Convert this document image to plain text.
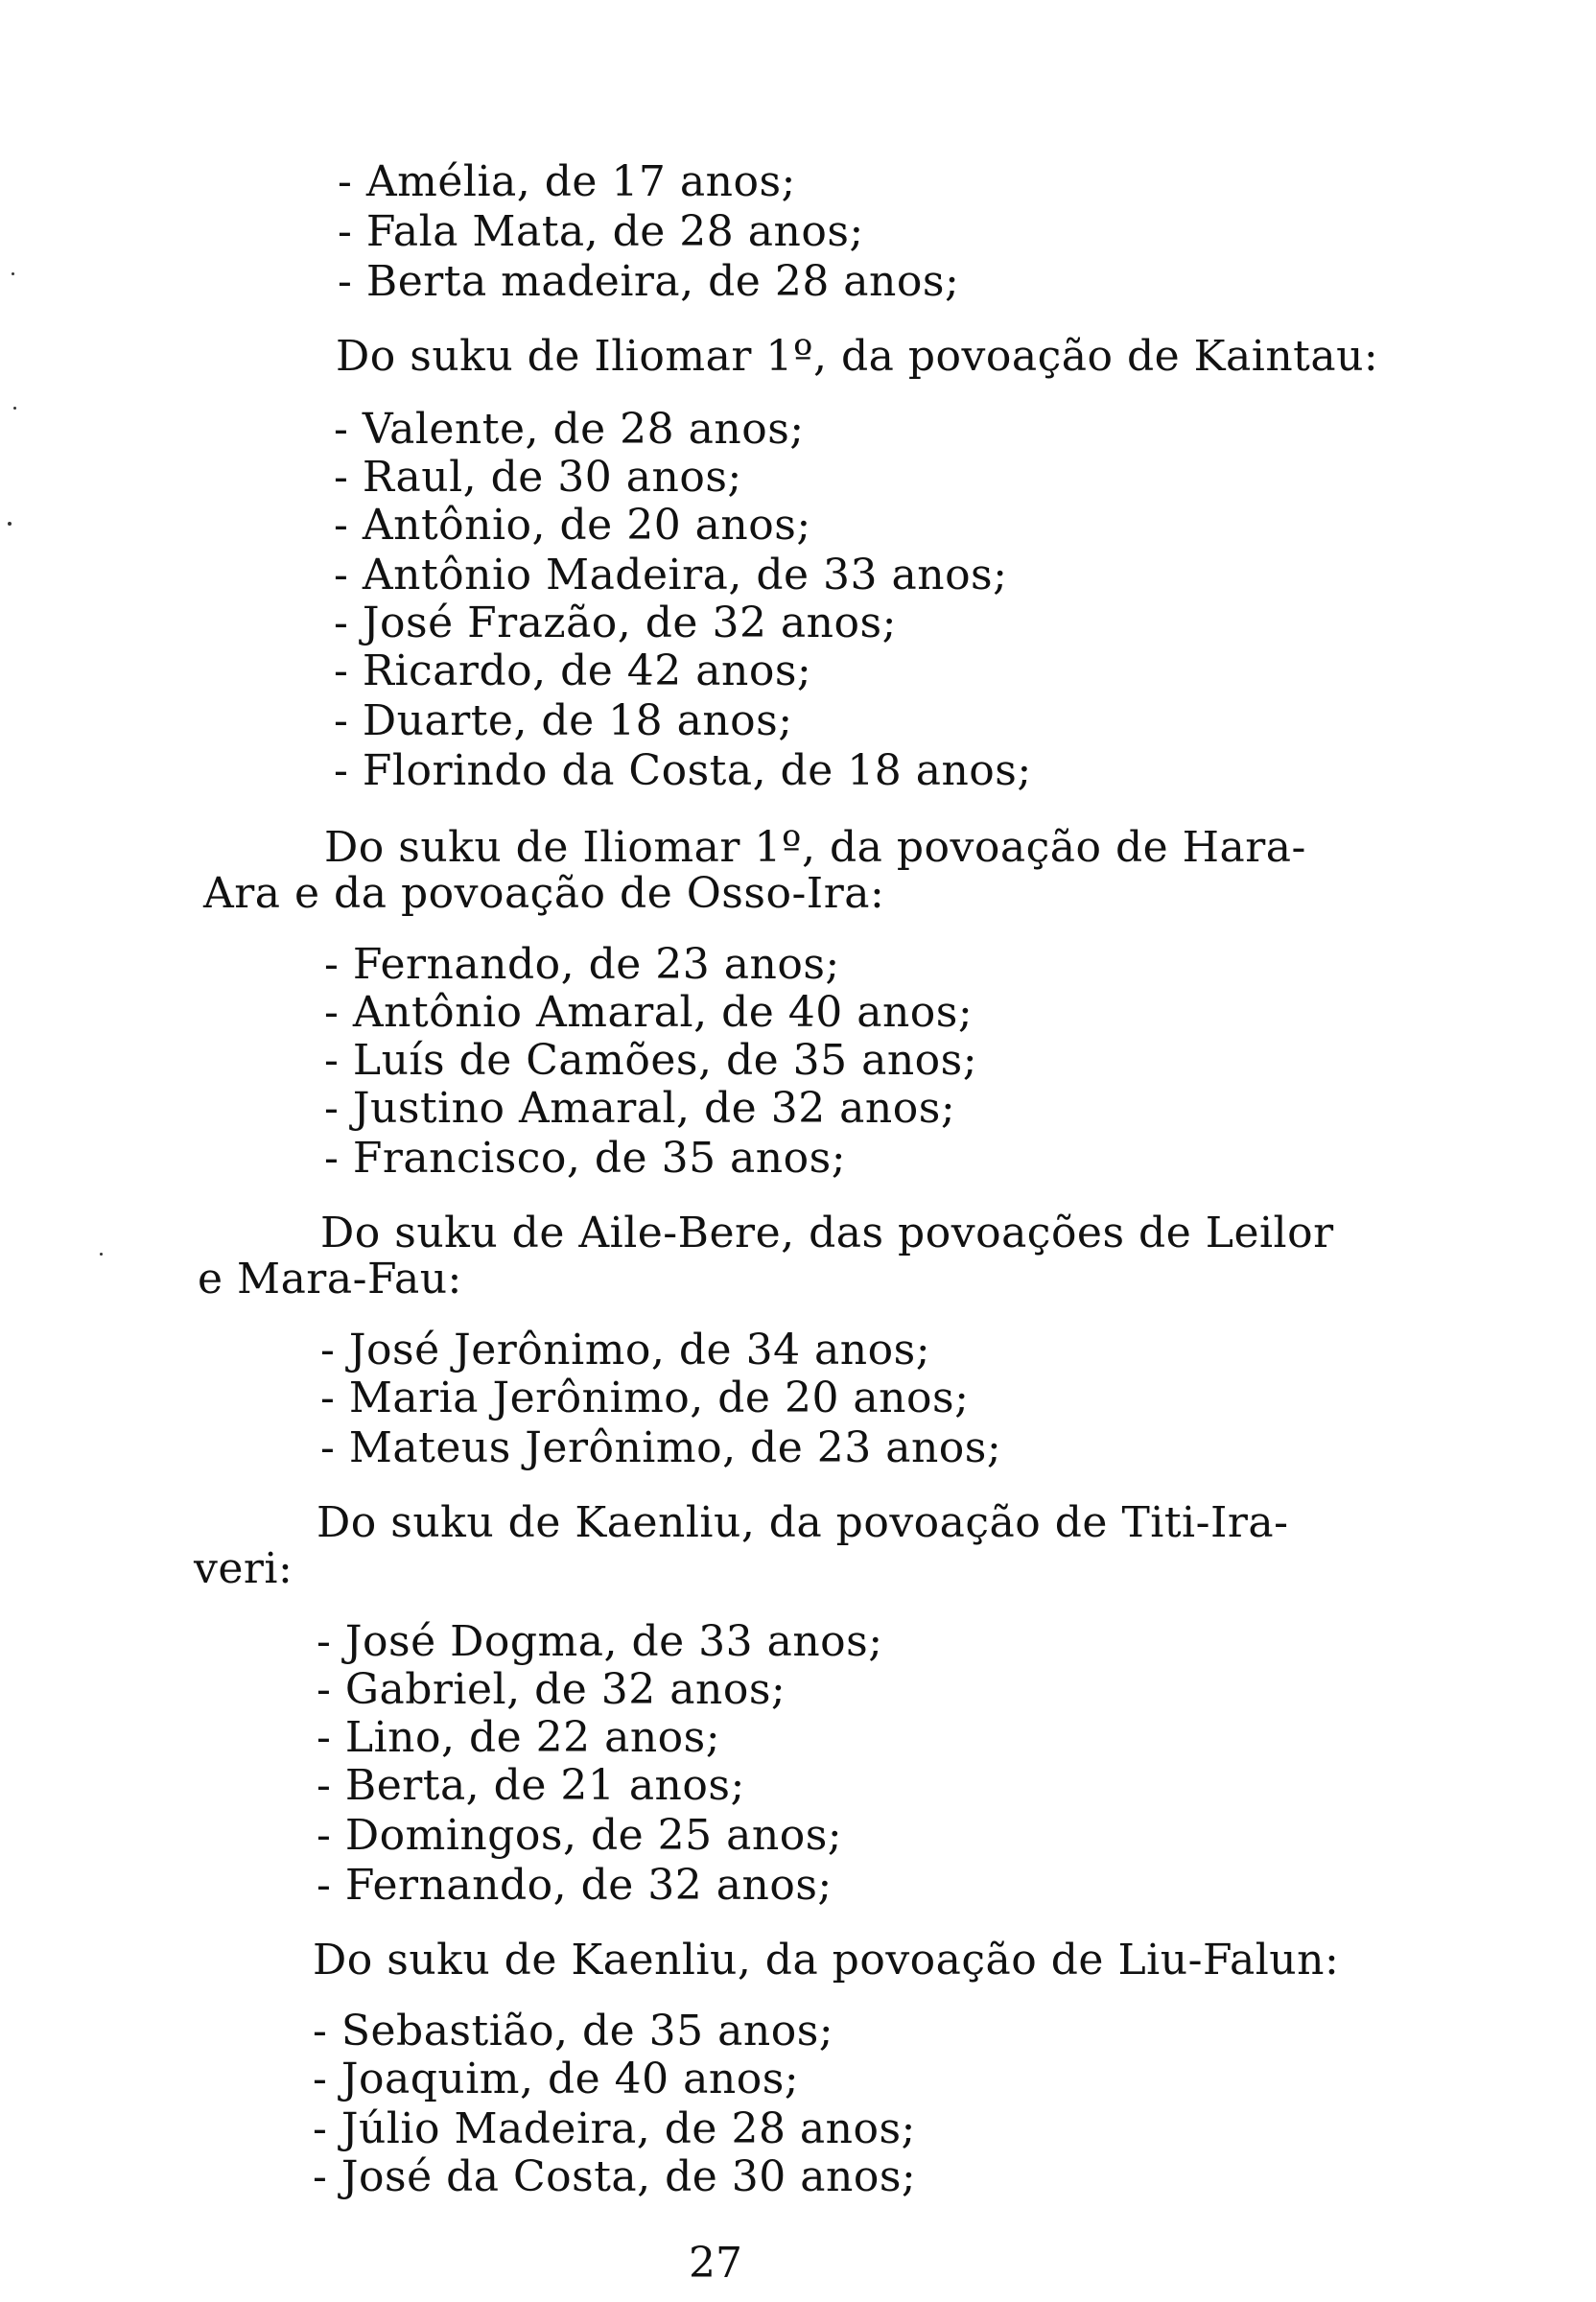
- Amélia, de 17 anos;
- Fala Mata, de 28 anos;
- Berta madeira, de 28 anos;
Do suku de Iliomar 1º, da povoação de Kaintau:
- Valente, de 28 anos;
- Raul, de 30 anos;
- Antônio, de 20 anos;
- Antônio Madeira, de 33 anos;
- José Frazão, de 32 anos;
- Ricardo, de 42 anos;
- Duarte, de 18 anos;
- Florindo da Costa, de 18 anos;
Do suku de Iliomar 1º, da povoação de Hara-
Ara e da povoação de Osso-Ira:
- Fernando, de 23 anos;
- Antônio Amaral, de 40 anos;
- Luís de Camões, de 35 anos;
- Justino Amaral, de 32 anos;
- Francisco, de 35 anos;
Do suku de Aile-Bere, das povoações de Leilor
e Mara-Fau:
- José Jerônimo, de 34 anos;
- Maria Jerônimo, de 20 anos;
- Mateus Jerônimo, de 23 anos;
Do suku de Kaenliu, da povoação de Titi-Ira-
veri:
- José Dogma, de 33 anos;
- Gabriel, de 32 anos;
- Lino, de 22 anos;
- Berta, de 21 anos;
- Domingos, de 25 anos;
- Fernando, de 32 anos;
Do suku de Kaenliu, da povoação de Liu-Falun:
- Sebastião, de 35 anos;
- Joaquim, de 40 anos;
- Júlio Madeira, de 28 anos;
- José da Costa, de 30 anos;
27
